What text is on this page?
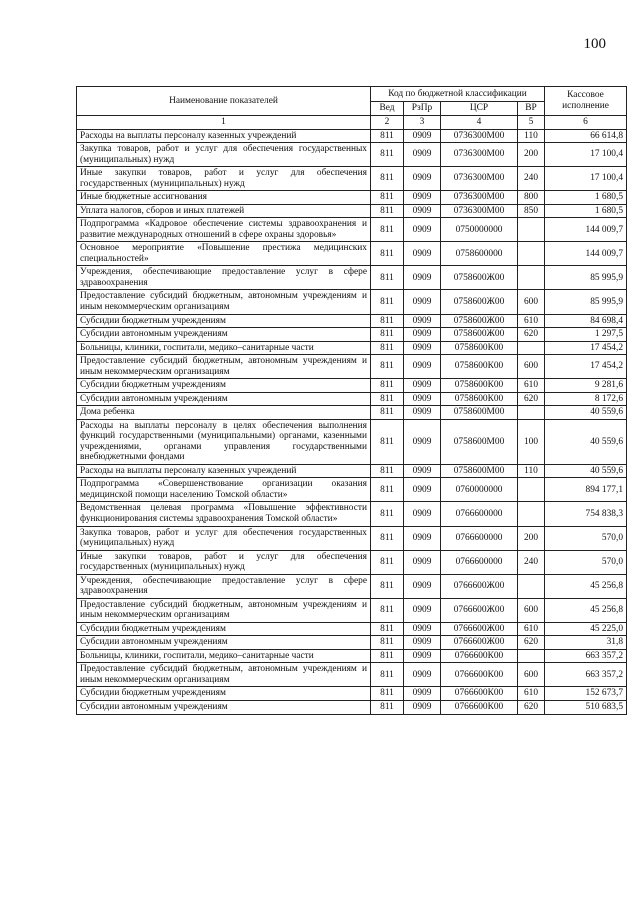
100
Наименование показателей	Код по бюджетной классификации				Кассовое исполнение
	Вед	РзПр	ЦСР	ВР	
1	2	3	4	5	6
Расходы на выплаты персоналу казенных учреждений	811	0909	0736300М00	110	66 614,8
Закупка товаров, работ и услуг для обеспечения государственных (муниципальных) нужд	811	0909	0736300М00	200	17 100,4
Иные закупки товаров, работ и услуг для обеспечения государственных (муниципальных) нужд	811	0909	0736300М00	240	17 100,4
Иные бюджетные ассигнования	811	0909	0736300М00	800	1 680,5
Уплата налогов, сборов и иных платежей	811	0909	0736300М00	850	1 680,5
Подпрограмма «Кадровое обеспечение системы здравоохранения и развитие международных отношений в сфере охраны здоровья»	811	0909	0750000000		144 009,7
Основное мероприятие «Повышение престижа медицинских специальностей»	811	0909	0758600000		144 009,7
Учреждения, обеспечивающие предоставление услуг в сфере здравоохранения	811	0909	0758600Ж00		85 995,9
Предоставление субсидий бюджетным, автономным учреждениям и иным некоммерческим организациям	811	0909	0758600Ж00	600	85 995,9
Субсидии бюджетным учреждениям	811	0909	0758600Ж00	610	84 698,4
Субсидии автономным учреждениям	811	0909	0758600Ж00	620	1 297,5
Больницы, клиники, госпитали, медико–санитарные части	811	0909	0758600К00		17 454,2
Предоставление субсидий бюджетным, автономным учреждениям и иным некоммерческим организациям	811	0909	0758600К00	600	17 454,2
Субсидии бюджетным учреждениям	811	0909	0758600К00	610	9 281,6
Субсидии автономным учреждениям	811	0909	0758600К00	620	8 172,6
Дома ребенка	811	0909	0758600М00		40 559,6
Расходы на выплаты персоналу в целях обеспечения выполнения функций государственными (муниципальными) органами, казенными учреждениями, органами управления государственными внебюджетными фондами	811	0909	0758600М00	100	40 559,6
Расходы на выплаты персоналу казенных учреждений	811	0909	0758600М00	110	40 559,6
Подпрограмма «Совершенствование организации оказания медицинской помощи населению Томской области»	811	0909	0760000000		894 177,1
Ведомственная целевая программа «Повышение эффективности функционирования системы здравоохранения Томской области»	811	0909	0766600000		754 838,3
Закупка товаров, работ и услуг для обеспечения государственных (муниципальных) нужд	811	0909	0766600000	200	570,0
Иные закупки товаров, работ и услуг для обеспечения государственных (муниципальных) нужд	811	0909	0766600000	240	570,0
Учреждения, обеспечивающие предоставление услуг в сфере здравоохранения	811	0909	0766600Ж00		45 256,8
Предоставление субсидий бюджетным, автономным учреждениям и иным некоммерческим организациям	811	0909	0766600Ж00	600	45 256,8
Субсидии бюджетным учреждениям	811	0909	0766600Ж00	610	45 225,0
Субсидии автономным учреждениям	811	0909	0766600Ж00	620	31,8
Больницы, клиники, госпитали, медико–санитарные части	811	0909	0766600К00		663 357,2
Предоставление субсидий бюджетным, автономным учреждениям и иным некоммерческим организациям	811	0909	0766600К00	600	663 357,2
Субсидии бюджетным учреждениям	811	0909	0766600К00	610	152 673,7
Субсидии автономным учреждениям	811	0909	0766600К00	620	510 683,5
